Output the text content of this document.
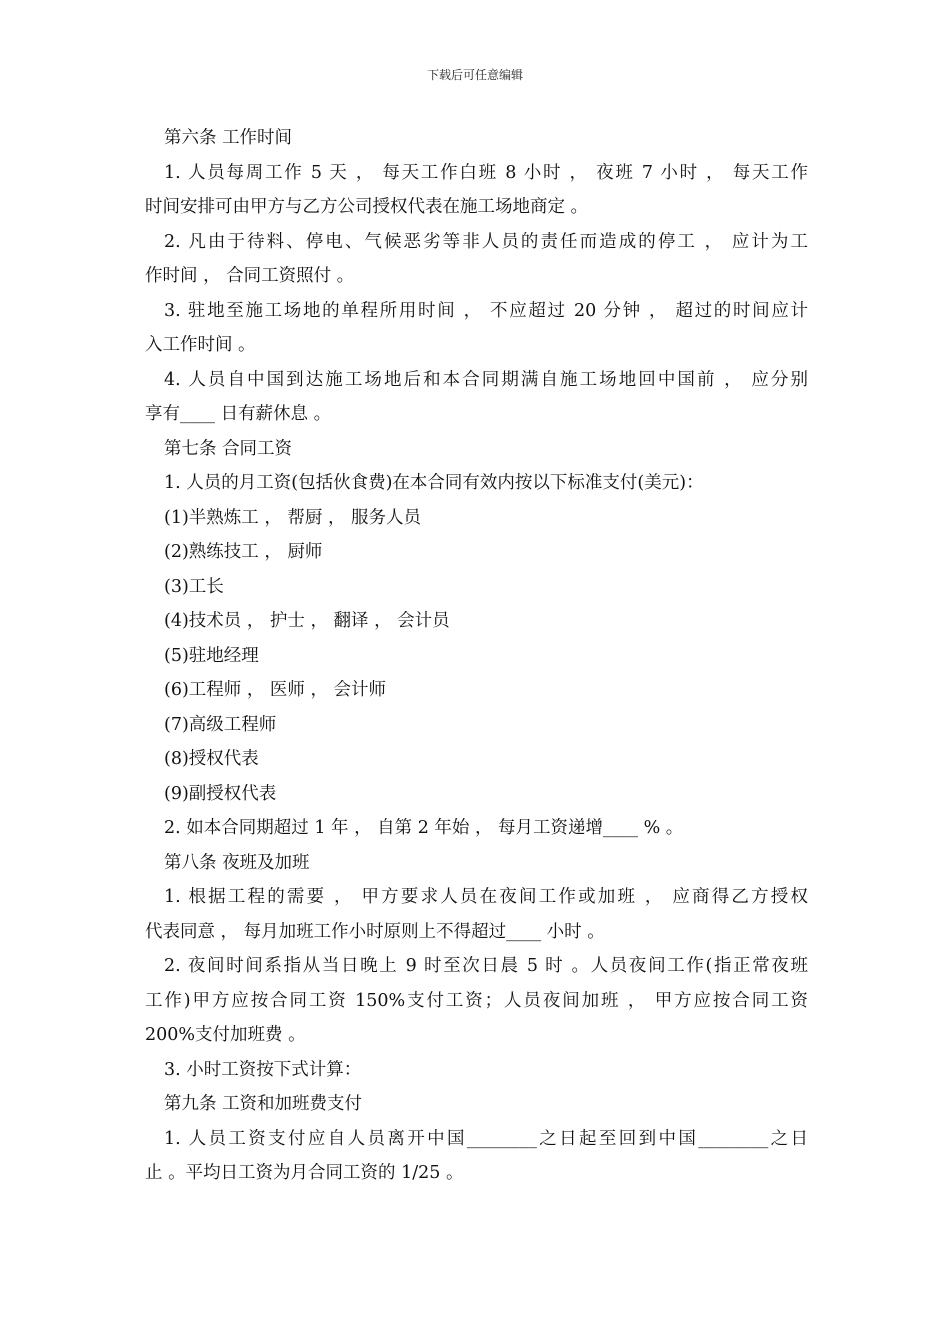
下载后可任意编辑
第六条 工作时间
1. 人员每周工作 5 天 ， 每天工作白班 8 小时 ， 夜班 7 小时 ， 每天工作
时间安排可由甲方与乙方公司授权代表在施工场地商定 。
2. 凡由于待料、停电、气候恶劣等非人员的责任而造成的停工 ， 应计为工
作时间 ， 合同工资照付 。
3. 驻地至施工场地的单程所用时间 ， 不应超过 20 分钟 ， 超过的时间应计
入工作时间 。
4. 人员自中国到达施工场地后和本合同期满自施工场地回中国前 ， 应分别
享有____ 日有薪休息 。
第七条 合同工资
1. 人员的月工资(包括伙食费)在本合同有效内按以下标准支付(美元)：
(1)半熟炼工 ， 帮厨 ， 服务人员
(2)熟练技工 ， 厨师
(3)工长
(4)技术员 ， 护士 ， 翻译 ， 会计员
(5)驻地经理
(6)工程师 ， 医师 ， 会计师
(7)高级工程师
(8)授权代表
(9)副授权代表
2. 如本合同期超过 1 年 ， 自第 2 年始 ， 每月工资递增____ % 。
第八条 夜班及加班
1. 根据工程的需要 ， 甲方要求人员在夜间工作或加班 ， 应商得乙方授权
代表同意 ， 每月加班工作小时原则上不得超过____ 小时 。
2. 夜间时间系指从当日晚上 9 时至次日晨 5 时 。人员夜间工作(指正常夜班
工作)甲方应按合同工资 150%支付工资；人员夜间加班 ， 甲方应按合同工资
200%支付加班费 。
3. 小时工资按下式计算：
第九条 工资和加班费支付
1. 人员工资支付应自人员离开中国________之日起至回到中国________之日
止 。平均日工资为月合同工资的 1/25 。
